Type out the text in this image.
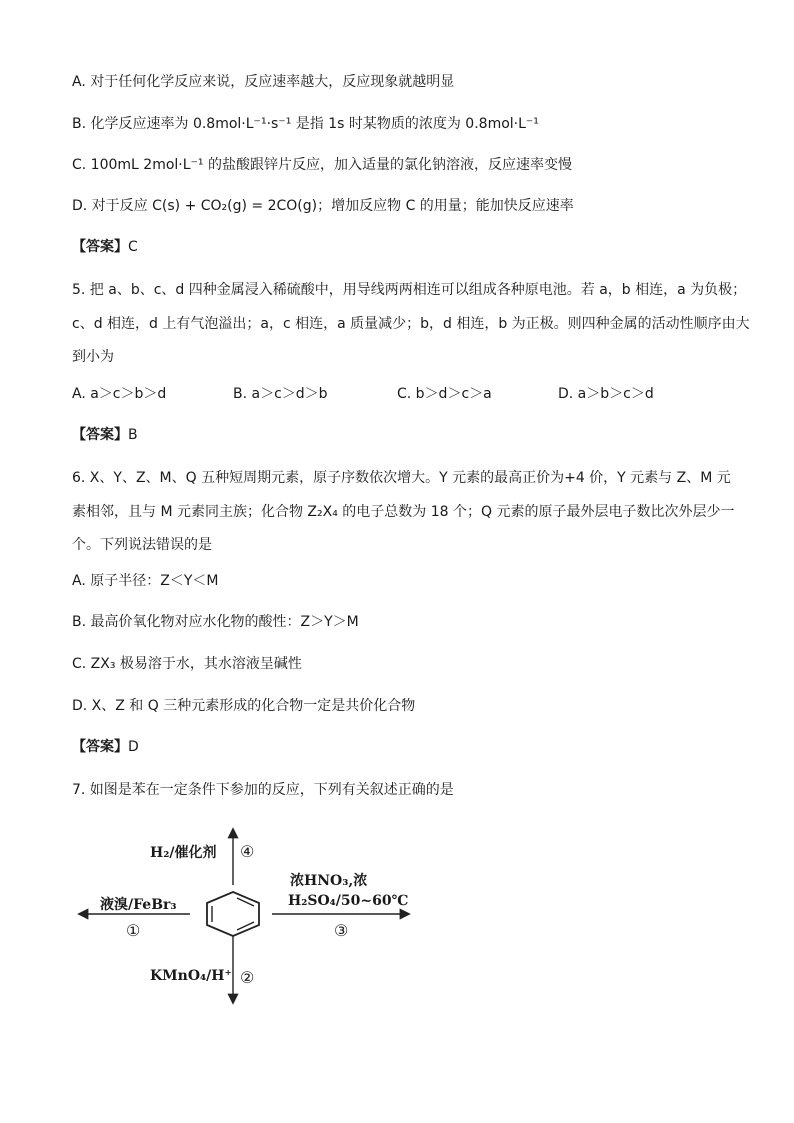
A. 对于任何化学反应来说，反应速率越大，反应现象就越明显
B. 化学反应速率为 0.8mol·L⁻¹·s⁻¹ 是指 1s 时某物质的浓度为 0.8mol·L⁻¹
C. 100mL 2mol·L⁻¹ 的盐酸跟锌片反应，加入适量的氯化钠溶液，反应速率变慢
D. 对于反应 C(s) + CO₂(g) = 2CO(g)；增加反应物 C 的用量；能加快反应速率
【答案】C
5. 把 a、b、c、d 四种金属浸入稀硫酸中，用导线两两相连可以组成各种原电池。若 a，b 相连，a 为负极；
c、d 相连，d 上有气泡溢出；a，c 相连，a 质量减少；b，d 相连，b 为正极。则四种金属的活动性顺序由大
到小为
A. a＞c＞b＞d	B. a＞c＞d＞b	C. b＞d＞c＞a	D. a＞b＞c＞d
【答案】B
6. X、Y、Z、M、Q 五种短周期元素，原子序数依次增大。Y 元素的最高正价为+4 价，Y 元素与 Z、M 元
素相邻，且与 M 元素同主族；化合物 Z₂X₄ 的电子总数为 18 个；Q 元素的原子最外层电子数比次外层少一
个。下列说法错误的是
A. 原子半径：Z＜Y＜M
B. 最高价氧化物对应水化物的酸性：Z＞Y＞M
C. ZX₃ 极易溶于水，其水溶液呈碱性
D. X、Z 和 Q 三种元素形成的化合物一定是共价化合物
【答案】D
7. 如图是苯在一定条件下参加的反应，下列有关叙述正确的是
H₂/催化剂 ④
液溴/FeBr₃
①
浓HNO₃,浓
H₂SO₄/50~60℃
③
KMnO₄/H⁺ ②
